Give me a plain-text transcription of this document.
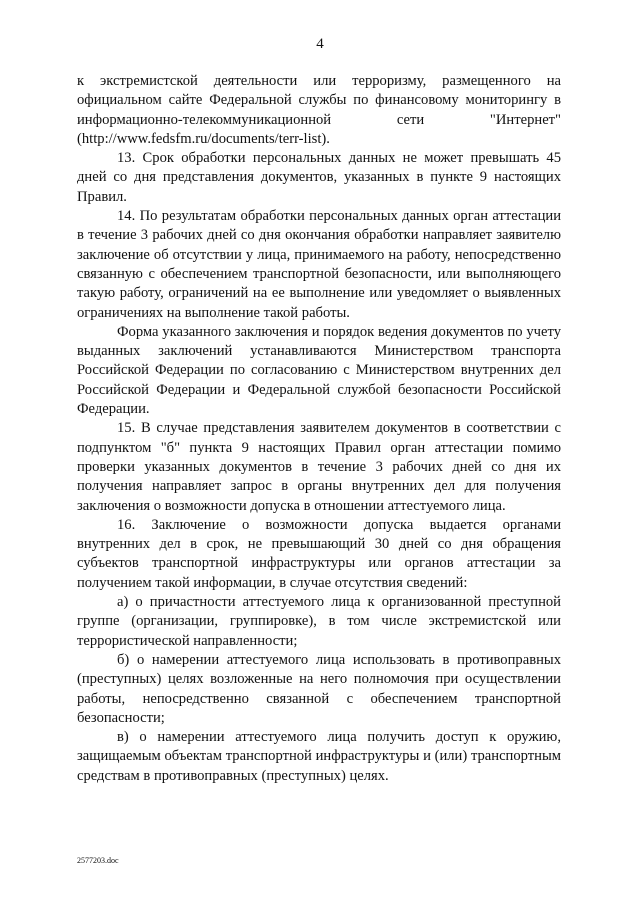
4

к экстремистской деятельности или терроризму, размещенного на официальном сайте Федеральной службы по финансовому мониторингу в информационно-телекоммуникационной сети "Интернет" (http://www.fedsfm.ru/documents/terr-list).

13. Срок обработки персональных данных не может превышать 45 дней со дня представления документов, указанных в пункте 9 настоящих Правил.

14. По результатам обработки персональных данных орган аттестации в течение 3 рабочих дней со дня окончания обработки направляет заявителю заключение об отсутствии у лица, принимаемого на работу, непосредственно связанную с обеспечением транспортной безопасности, или выполняющего такую работу, ограничений на ее выполнение или уведомляет о выявленных ограничениях на выполнение такой работы.

Форма указанного заключения и порядок ведения документов по учету выданных заключений устанавливаются Министерством транспорта Российской Федерации по согласованию с Министерством внутренних дел Российской Федерации и Федеральной службой безопасности Российской Федерации.

15. В случае представления заявителем документов в соответствии с подпунктом "б" пункта 9 настоящих Правил орган аттестации помимо проверки указанных документов в течение 3 рабочих дней со дня их получения направляет запрос в органы внутренних дел для получения заключения о возможности допуска в отношении аттестуемого лица.

16. Заключение о возможности допуска выдается органами внутренних дел в срок, не превышающий 30 дней со дня обращения субъектов транспортной инфраструктуры или органов аттестации за получением такой информации, в случае отсутствия сведений:

а) о причастности аттестуемого лица к организованной преступной группе (организации, группировке), в том числе экстремистской или террористической направленности;

б) о намерении аттестуемого лица использовать в противоправных (преступных) целях возложенные на него полномочия при осуществлении работы, непосредственно связанной с обеспечением транспортной безопасности;

в) о намерении аттестуемого лица получить доступ к оружию, защищаемым объектам транспортной инфраструктуры и (или) транспортным средствам в противоправных (преступных) целях.

2577203.doc
